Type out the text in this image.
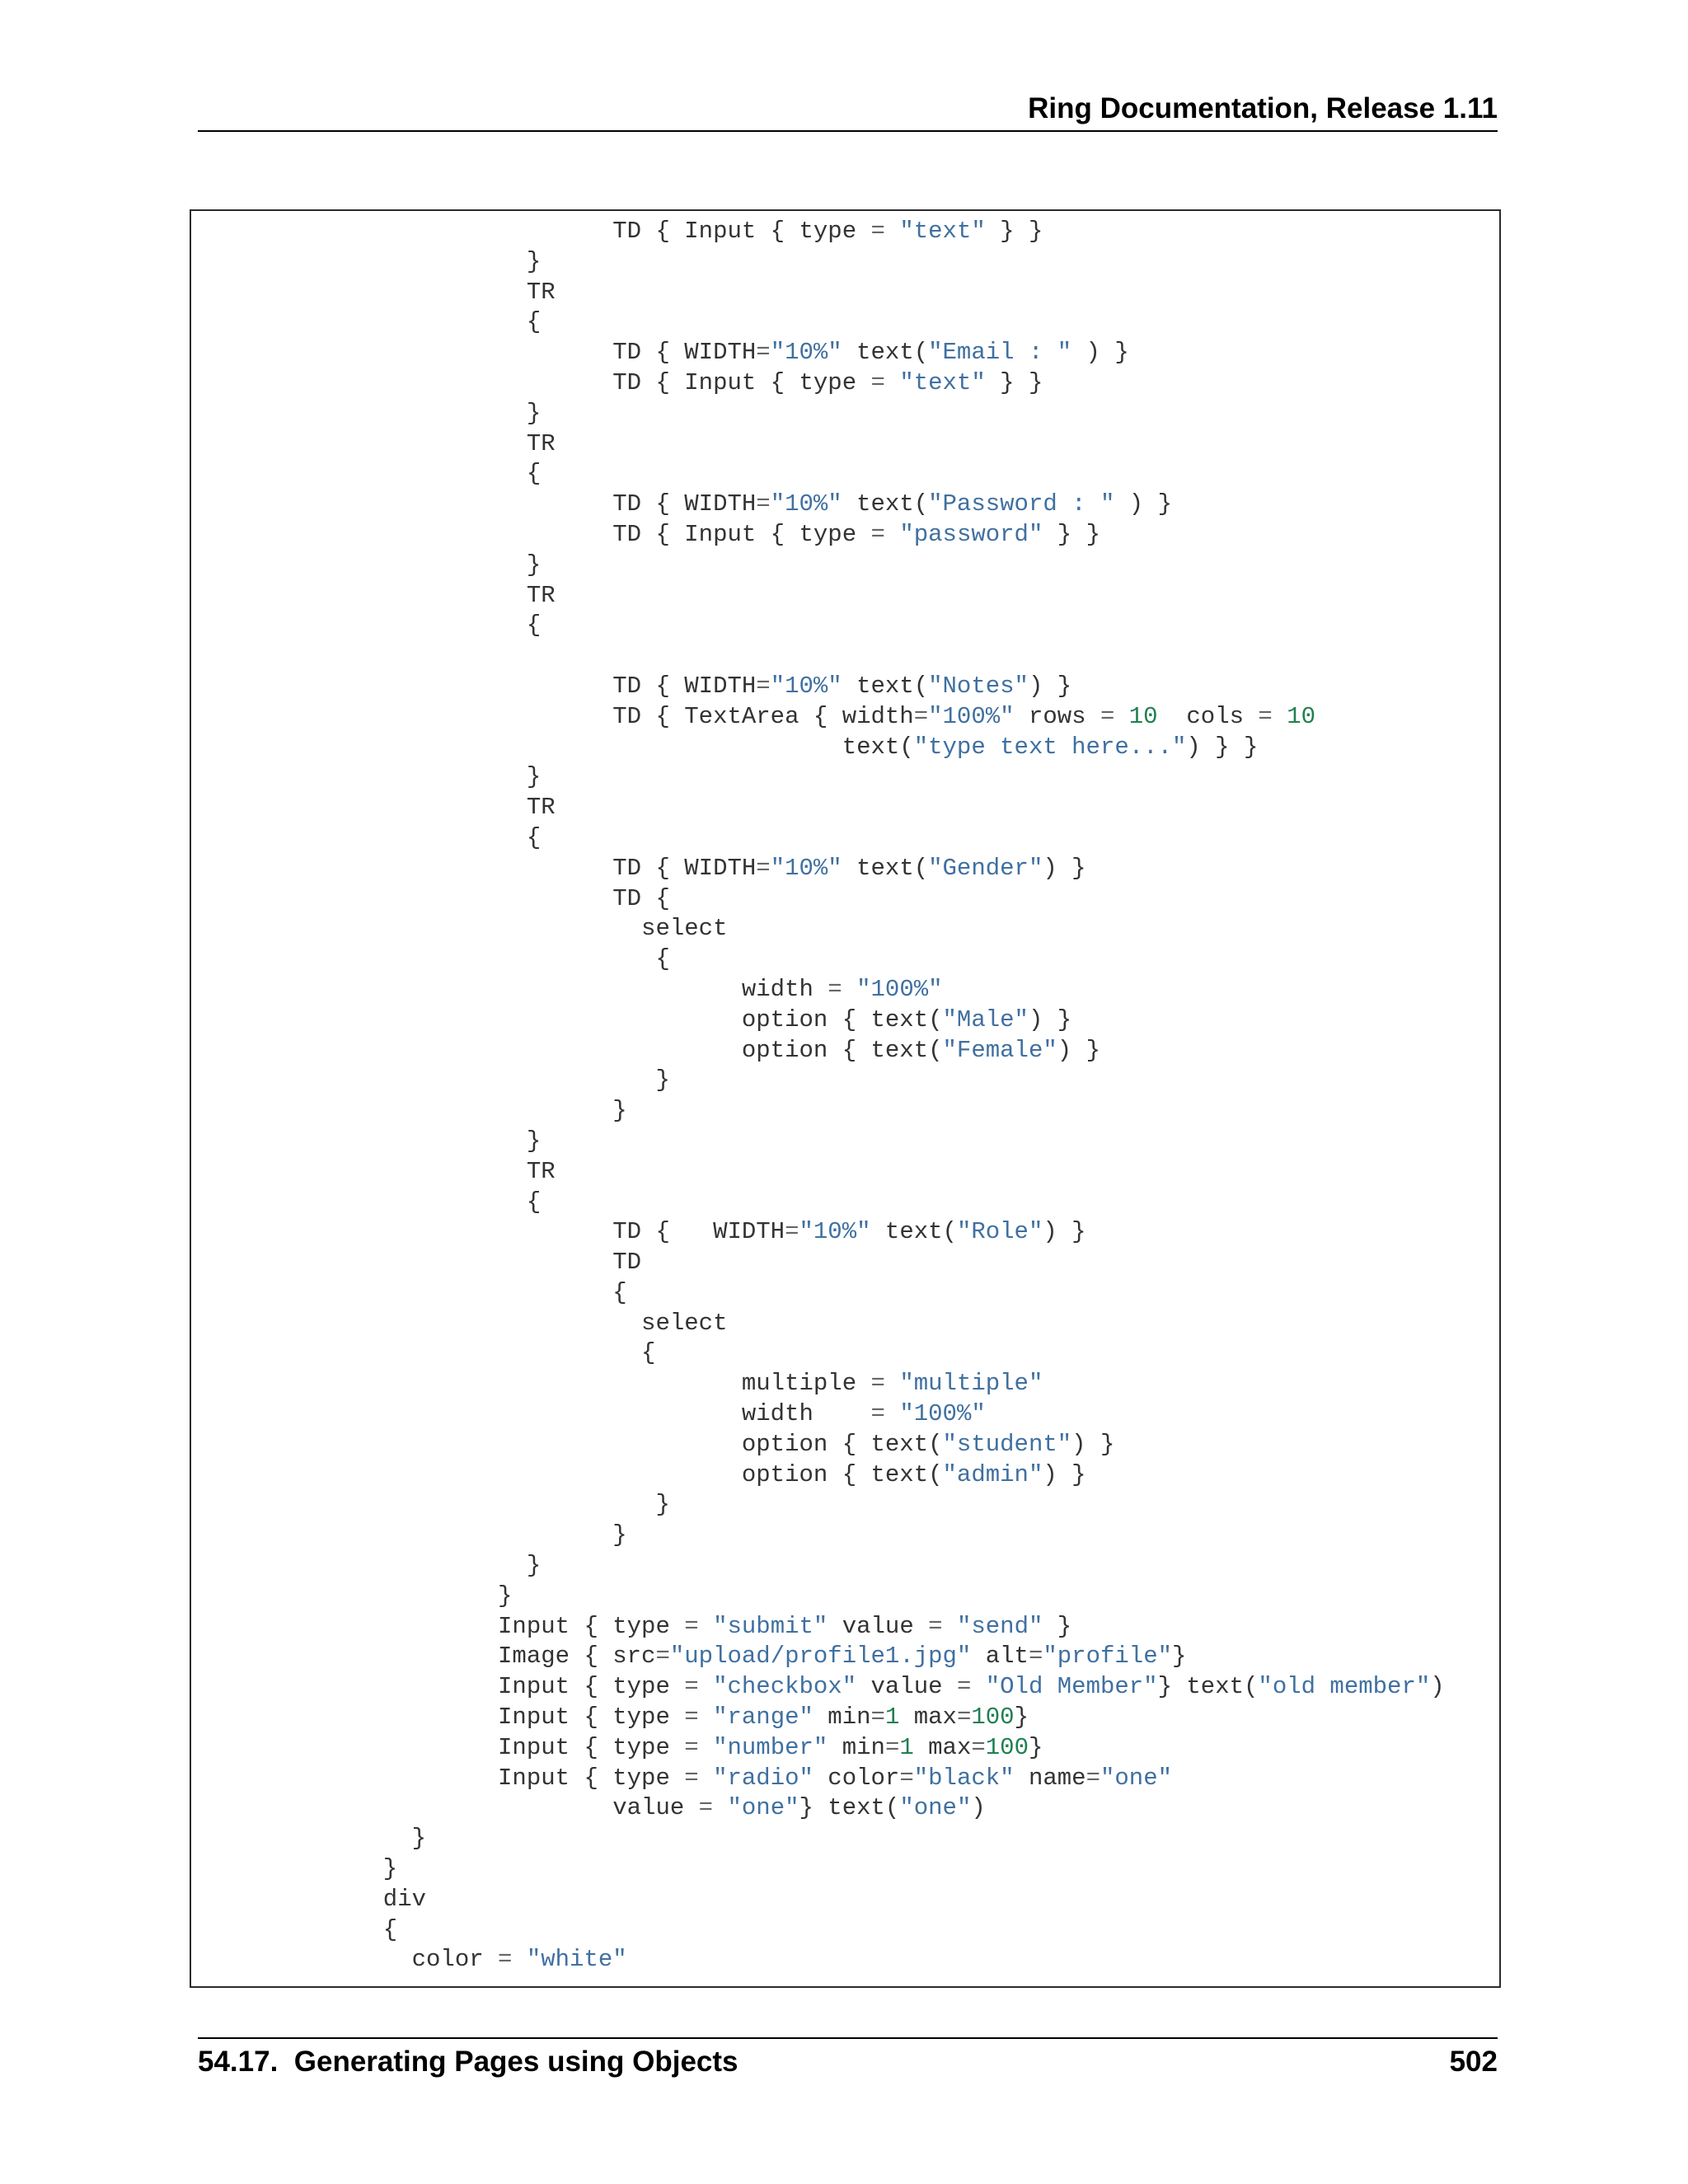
Ring Documentation, Release 1.11
TD { Input { type = "text" } }
}
TR
{
TD { WIDTH="10%" text("Email : " ) }
TD { Input { type = "text" } }
}
TR
{
TD { WIDTH="10%" text("Password : " ) }
TD { Input { type = "password" } }
}
TR
{
TD { WIDTH="10%" text("Notes") }
TD { TextArea { width="100%" rows = 10  cols = 10
text("type text here...") } }
}
TR
{
TD { WIDTH="10%" text("Gender") }
TD {
select
{
width = "100%"
option { text("Male") }
option { text("Female") }
}
}
}
TR
{
TD {   WIDTH="10%" text("Role") }
TD
{
select
{
multiple = "multiple"
width    = "100%"
option { text("student") }
option { text("admin") }
}
}
}
}
Input { type = "submit" value = "send" }
Image { src="upload/profile1.jpg" alt="profile"}
Input { type = "checkbox" value = "Old Member"} text("old member")
Input { type = "range" min=1 max=100}
Input { type = "number" min=1 max=100}
Input { type = "radio" color="black" name="one"
value = "one"} text("one")
}
}
div
{
color = "white"
54.17.  Generating Pages using Objects	502
